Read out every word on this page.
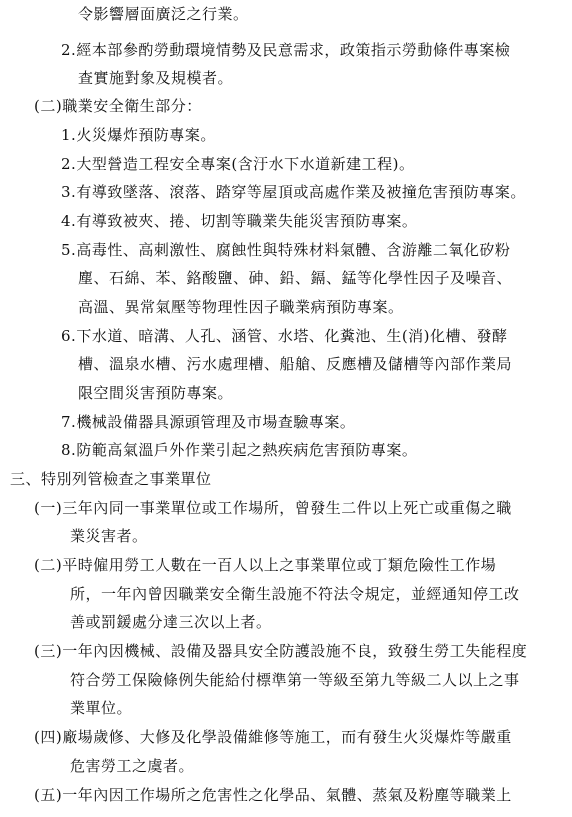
令影響層面廣泛之行業。
2.經本部參酌勞動環境情勢及民意需求，政策指示勞動條件專案檢
查實施對象及規模者。
(二)職業安全衛生部分：
1.火災爆炸預防專案。
2.大型營造工程安全專案(含汙水下水道新建工程)。
3.有導致墜落、滾落、踏穿等屋頂或高處作業及被撞危害預防專案。
4.有導致被夾、捲、切割等職業失能災害預防專案。
5.高毒性、高刺激性、腐蝕性與特殊材料氣體、含游離二氧化矽粉
塵、石綿、苯、鉻酸鹽、砷、鉛、鎘、錳等化學性因子及噪音、
高溫、異常氣壓等物理性因子職業病預防專案。
6.下水道、暗溝、人孔、涵管、水塔、化糞池、生(消)化槽、發酵
槽、溫泉水槽、污水處理槽、船艙、反應槽及儲槽等內部作業局
限空間災害預防專案。
7.機械設備器具源頭管理及市場查驗專案。
8.防範高氣溫戶外作業引起之熱疾病危害預防專案。
三、特別列管檢查之事業單位
(一)三年內同一事業單位或工作場所，曾發生二件以上死亡或重傷之職
業災害者。
(二)平時僱用勞工人數在一百人以上之事業單位或丁類危險性工作場
所，一年內曾因職業安全衛生設施不符法令規定，並經通知停工改
善或罰鍰處分達三次以上者。
(三)一年內因機械、設備及器具安全防護設施不良，致發生勞工失能程度
符合勞工保險條例失能給付標準第一等級至第九等級二人以上之事
業單位。
(四)廠場歲修、大修及化學設備維修等施工，而有發生火災爆炸等嚴重
危害勞工之虞者。
(五)一年內因工作場所之危害性之化學品、氣體、蒸氣及粉塵等職業上
